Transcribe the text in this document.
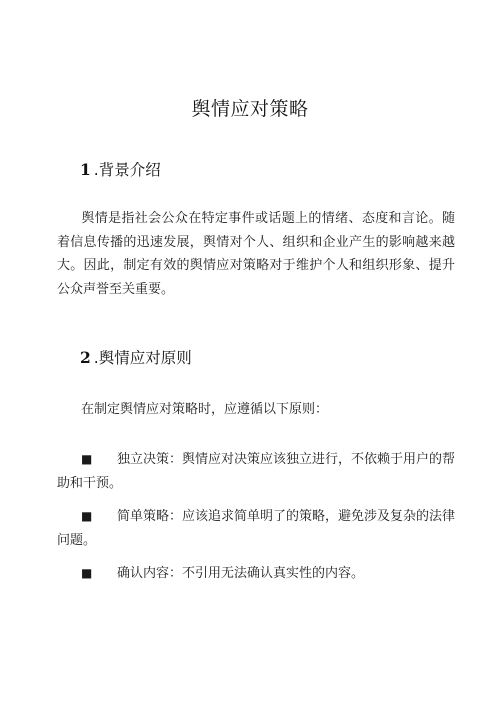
舆情应对策略
1 .背景介绍
舆情是指社会公众在特定事件或话题上的情绪、态度和言论。随着信息传播的迅速发展，舆情对个人、组织和企业产生的影响越来越大。因此，制定有效的舆情应对策略对于维护个人和组织形象、提升公众声誉至关重要。
2 .舆情应对原则
在制定舆情应对策略时，应遵循以下原则：
■ 独立决策：舆情应对决策应该独立进行，不依赖于用户的帮助和干预。
■ 简单策略：应该追求简单明了的策略，避免涉及复杂的法律问题。
■ 确认内容：不引用无法确认真实性的内容。
